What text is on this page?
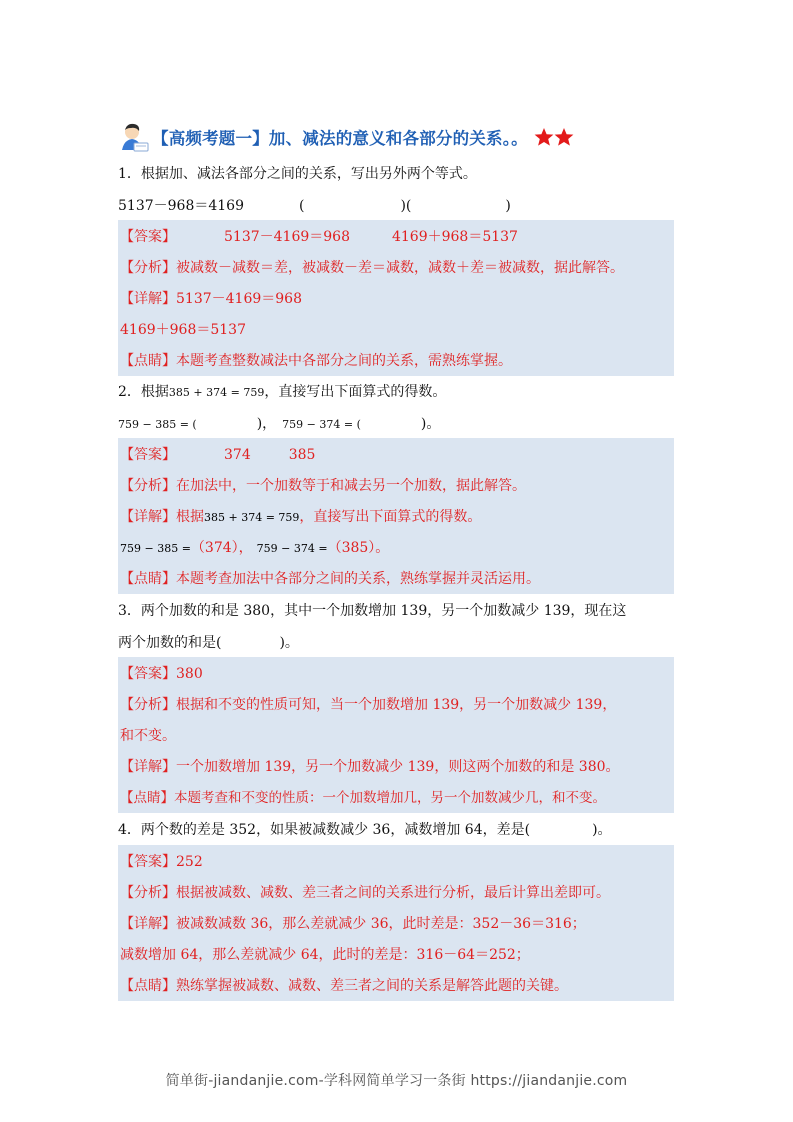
【高频考题一】加、减法的意义和各部分的关系。。
1．根据加、减法各部分之间的关系，写出另外两个等式。
5137－968＝4169	(	)(	)
【答案】	5137－4169＝968	4169＋968＝5137
【分析】被减数－减数＝差，被减数－差＝减数，减数＋差＝被减数，据此解答。
【详解】5137－4169＝968
4169＋968＝5137
【点睛】本题考查整数减法中各部分之间的关系，需熟练掌握。
2．根据385 + 374 = 759，直接写出下面算式的得数。
759 − 385 = (	)， 759 − 374 = (	)。
【答案】	374	385
【分析】在加法中，一个加数等于和减去另一个加数，据此解答。
【详解】根据385 + 374 = 759，直接写出下面算式的得数。
759 − 385 =（374）， 759 − 374 =（385）。
【点睛】本题考查加法中各部分之间的关系，熟练掌握并灵活运用。
3．两个加数的和是 380，其中一个加数增加 139，另一个加数减少 139，现在这
两个加数的和是(	)。
【答案】380
【分析】根据和不变的性质可知，当一个加数增加 139，另一个加数减少 139，
和不变。
【详解】一个加数增加 139，另一个加数减少 139，则这两个加数的和是 380。
【点睛】本题考查和不变的性质：一个加数增加几，另一个加数减少几，和不变。
4．两个数的差是 352，如果被减数减少 36，减数增加 64，差是(	)。
【答案】252
【分析】根据被减数、减数、差三者之间的关系进行分析，最后计算出差即可。
【详解】被减数减数 36，那么差就减少 36，此时差是：352－36＝316；
减数增加 64，那么差就减少 64，此时的差是：316－64＝252；
【点睛】熟练掌握被减数、减数、差三者之间的关系是解答此题的关键。
简单街-jiandanjie.com-学科网简单学习一条街 https://jiandanjie.com
